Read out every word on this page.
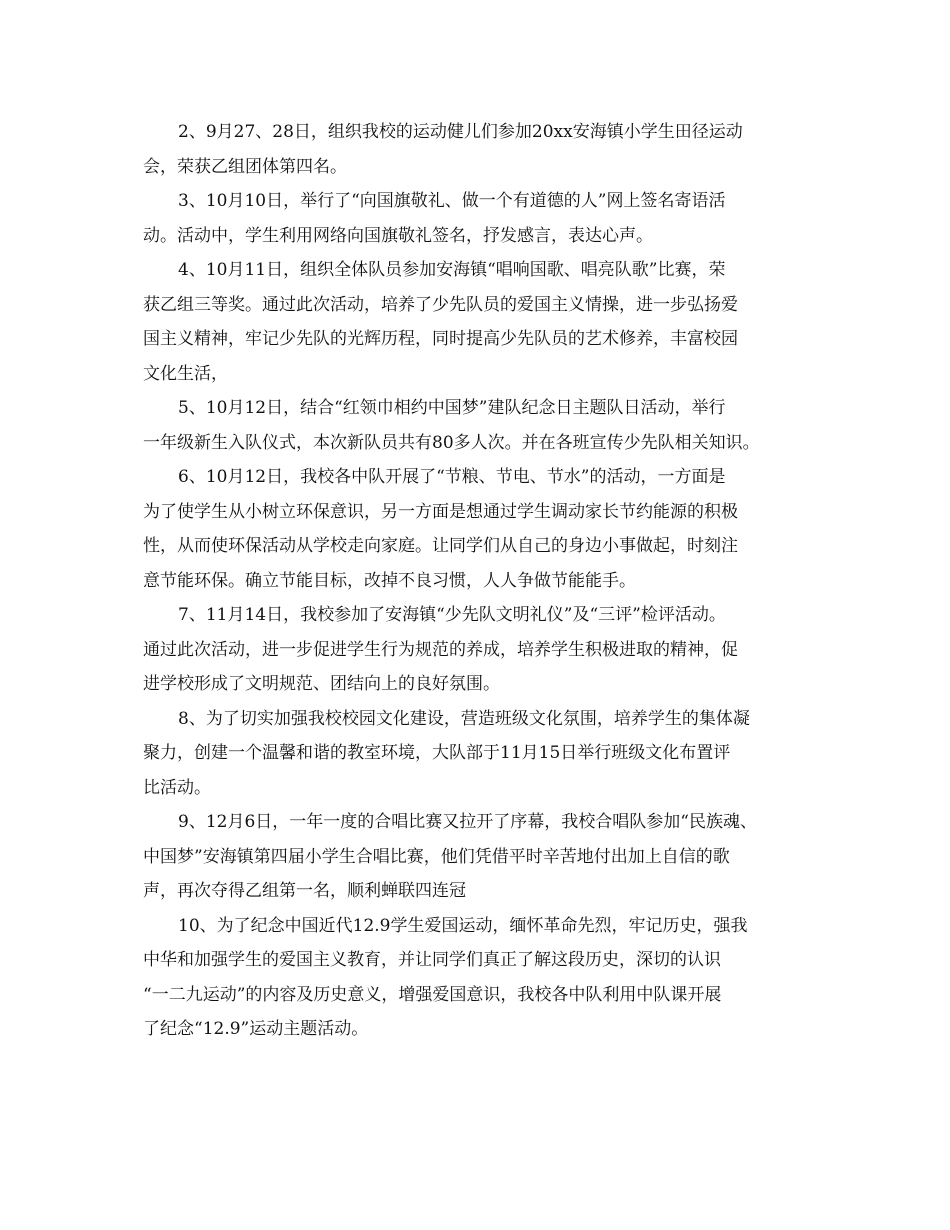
2、9月27、28日，组织我校的运动健儿们参加20xx安海镇小学生田径运动
会，荣获乙组团体第四名。
3、10月10日，举行了“向国旗敬礼、做一个有道德的人”网上签名寄语活
动。活动中，学生利用网络向国旗敬礼签名，抒发感言，表达心声。
4、10月11日，组织全体队员参加安海镇“唱响国歌、唱亮队歌”比赛，荣
获乙组三等奖。通过此次活动，培养了少先队员的爱国主义情操，进一步弘扬爱
国主义精神，牢记少先队的光辉历程，同时提高少先队员的艺术修养，丰富校园
文化生活，
5、10月12日，结合“红领巾相约中国梦”建队纪念日主题队日活动，举行
一年级新生入队仪式，本次新队员共有80多人次。并在各班宣传少先队相关知识。
6、10月12日，我校各中队开展了“节粮、节电、节水”的活动，一方面是
为了使学生从小树立环保意识，另一方面是想通过学生调动家长节约能源的积极
性，从而使环保活动从学校走向家庭。让同学们从自己的身边小事做起，时刻注
意节能环保。确立节能目标，改掉不良习惯，人人争做节能能手。
7、11月14日，我校参加了安海镇“少先队文明礼仪”及“三评”检评活动。
通过此次活动，进一步促进学生行为规范的养成，培养学生积极进取的精神，促
进学校形成了文明规范、团结向上的良好氛围。
8、为了切实加强我校校园文化建设，营造班级文化氛围，培养学生的集体凝
聚力，创建一个温馨和谐的教室环境，大队部于11月15日举行班级文化布置评
比活动。
9、12月6日，一年一度的合唱比赛又拉开了序幕，我校合唱队参加“民族魂、
中国梦”安海镇第四届小学生合唱比赛，他们凭借平时辛苦地付出加上自信的歌
声，再次夺得乙组第一名，顺利蝉联四连冠
10、为了纪念中国近代12.9学生爱国运动，缅怀革命先烈，牢记历史，强我
中华和加强学生的爱国主义教育，并让同学们真正了解这段历史，深切的认识
“一二九运动”的内容及历史意义，增强爱国意识，我校各中队利用中队课开展
了纪念“12.9”运动主题活动。
